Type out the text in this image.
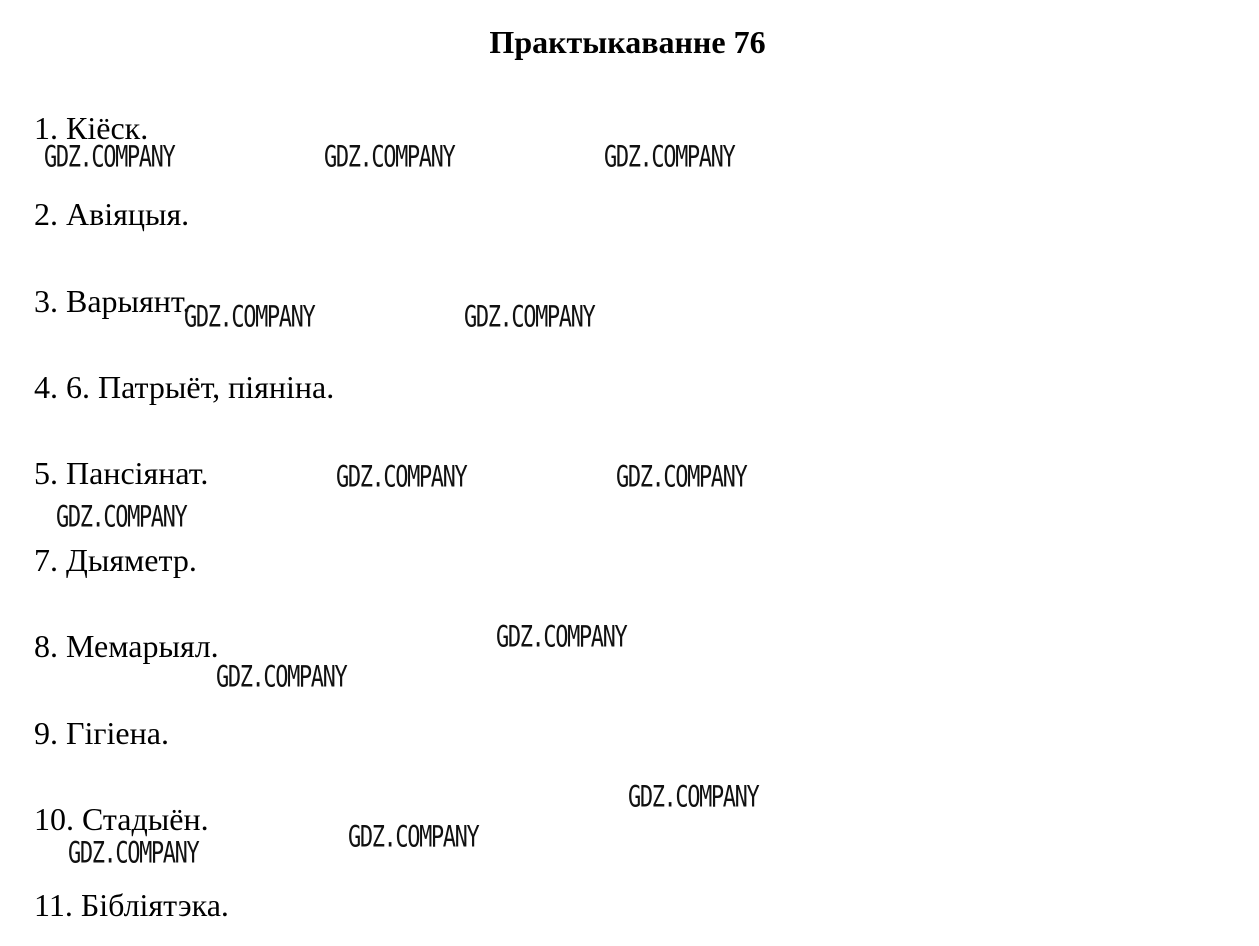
Практыкаванне 76
1. Кіёск.
2. Авіяцыя.
3. Варыянт.
4. 6. Патрыёт, піяніна.
5. Пансіянат.
7. Дыяметр.
8. Мемарыял.
9. Гігіена.
10. Стадыён.
11. Бібліятэка.
GDZ.COMPANY	GDZ.COMPANY	GDZ.COMPANY
GDZ.COMPANY	GDZ.COMPANY
GDZ.COMPANY	GDZ.COMPANY
GDZ.COMPANY
GDZ.COMPANY
GDZ.COMPANY
GDZ.COMPANY
GDZ.COMPANY
GDZ.COMPANY
